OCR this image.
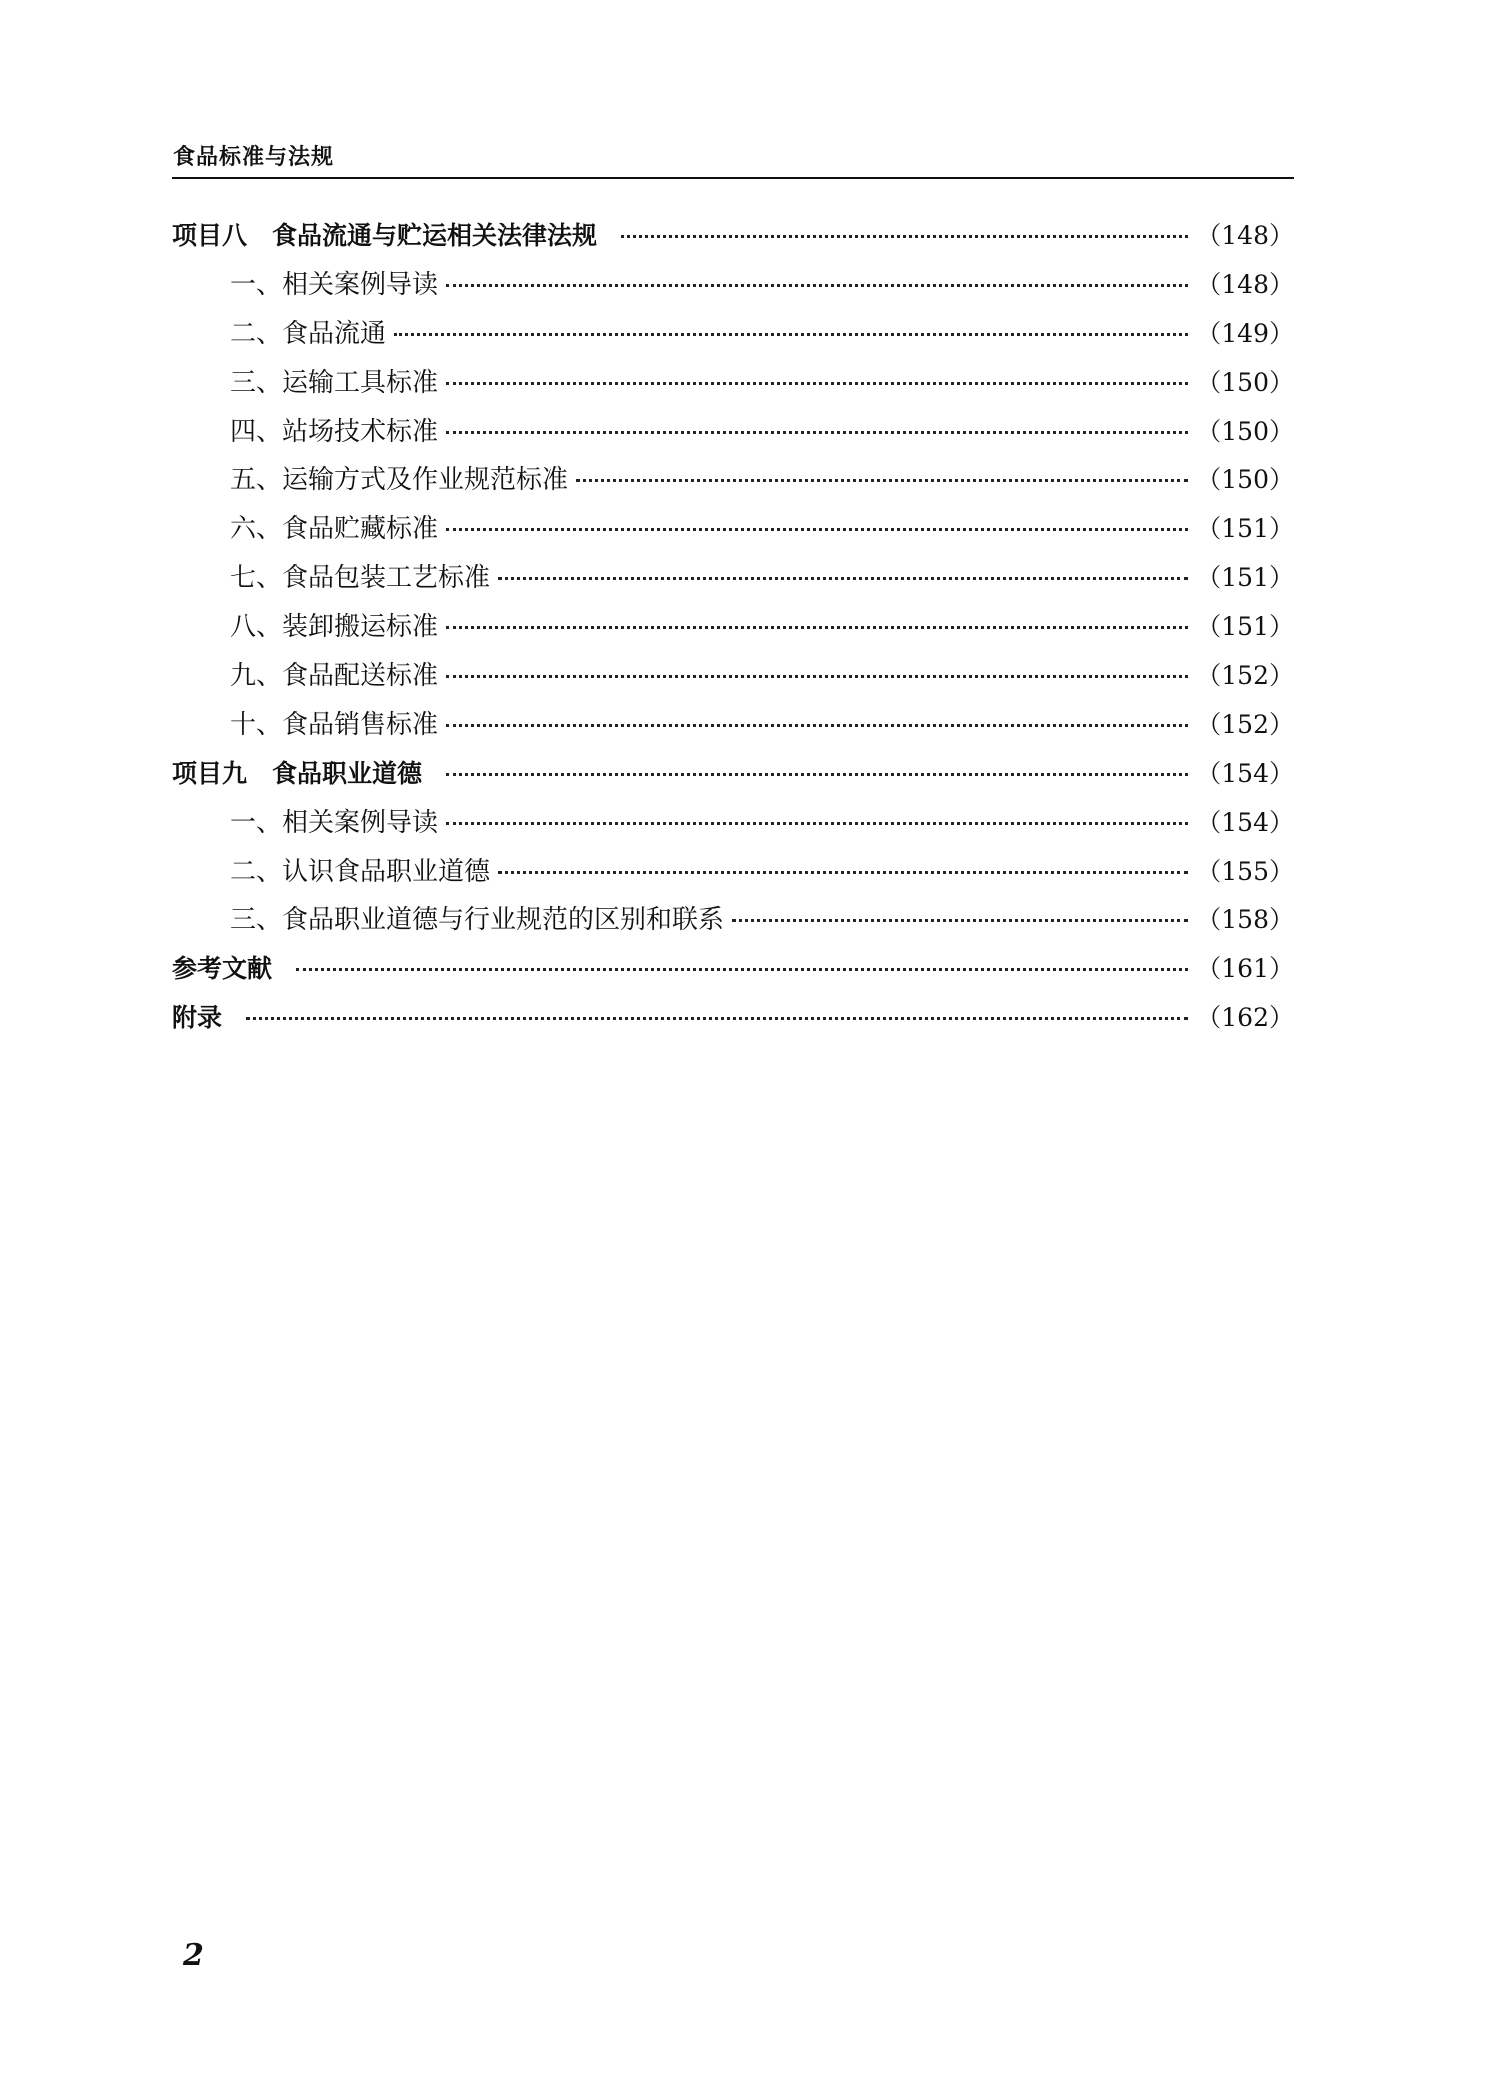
食品标准与法规
项目八　食品流通与贮运相关法律法规	（148）
一、相关案例导读	（148）
二、食品流通	（149）
三、运输工具标准	（150）
四、站场技术标准	（150）
五、运输方式及作业规范标准	（150）
六、食品贮藏标准	（151）
七、食品包装工艺标准	（151）
八、装卸搬运标准	（151）
九、食品配送标准	（152）
十、食品销售标准	（152）
项目九　食品职业道德	（154）
一、相关案例导读	（154）
二、认识食品职业道德	（155）
三、食品职业道德与行业规范的区别和联系	（158）
参考文献	（161）
附录	（162）
2
